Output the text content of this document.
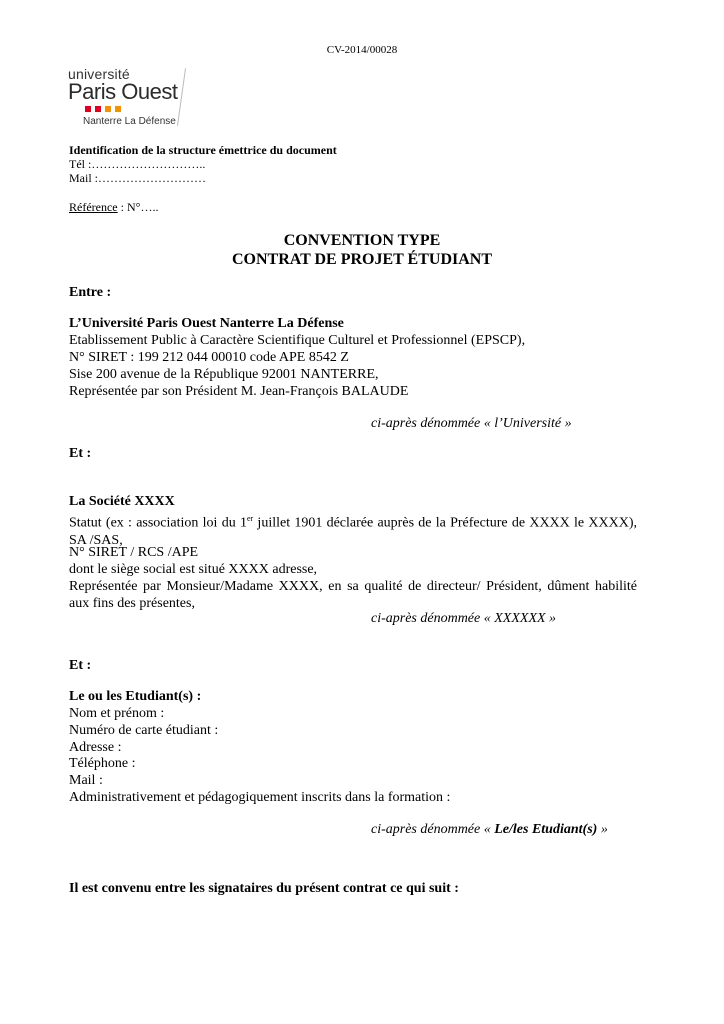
CV-2014/00028
université
Paris Ouest
Nanterre La Défense
Identification de la structure émettrice du document
Tél :………………………..
Mail :………………………
Référence : N°…..
CONVENTION TYPE
CONTRAT DE PROJET ÉTUDIANT
Entre :
L’Université Paris Ouest Nanterre La Défense
Etablissement Public à Caractère Scientifique Culturel et Professionnel (EPSCP),
N° SIRET : 199 212 044 00010 code APE 8542 Z
Sise 200 avenue de la République 92001 NANTERRE,
Représentée par son Président M. Jean-François BALAUDE
ci-après dénommée « l’Université »
Et :
La Société XXXX
Statut (ex : association loi du 1er juillet 1901 déclarée auprès de la Préfecture de XXXX le XXXX), SA /SAS,
N° SIRET / RCS /APE
dont le siège social est situé XXXX adresse,
Représentée par Monsieur/Madame XXXX, en sa qualité de directeur/ Président, dûment habilité aux fins des présentes,
ci-après dénommée « XXXXXX »
Et :
Le ou les Etudiant(s) :
Nom et prénom :
Numéro de carte étudiant :
Adresse :
Téléphone :
Mail :
Administrativement et pédagogiquement inscrits dans la formation :
ci-après dénommée « Le/les Etudiant(s) »
Il est convenu entre les signataires du présent contrat ce qui suit :
